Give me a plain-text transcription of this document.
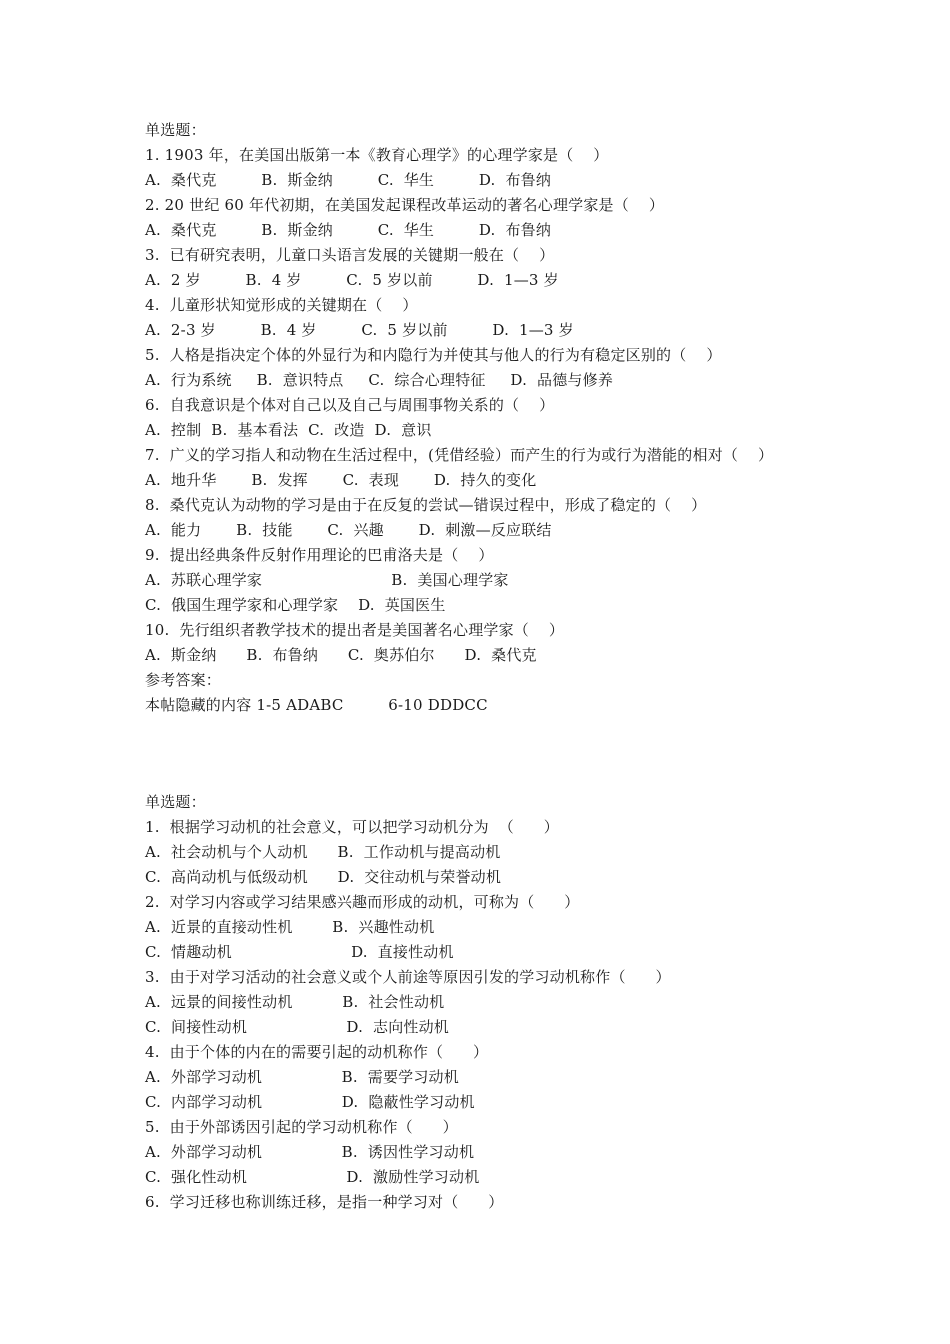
单选题：
1. 1903 年，在美国出版第一本《教育心理学》的心理学家是（    ）
A.  桑代克         B.  斯金纳         C.  华生         D.  布鲁纳
2. 20 世纪 60 年代初期，在美国发起课程改革运动的著名心理学家是（    ）
A.  桑代克         B.  斯金纳         C.  华生         D.  布鲁纳
3.  已有研究表明，儿童口头语言发展的关键期一般在（    ）
A.  2 岁         B.  4 岁         C.  5 岁以前         D.  1—3 岁
4.  儿童形状知觉形成的关键期在（    ）
A.  2-3 岁         B.  4 岁         C.  5 岁以前         D.  1—3 岁
5.  人格是指决定个体的外显行为和内隐行为并使其与他人的行为有稳定区别的（    ）
A.  行为系统     B.  意识特点     C.  综合心理特征     D.  品德与修养
6.  自我意识是个体对自己以及自己与周围事物关系的（    ）
A.  控制  B.  基本看法  C.  改造  D.  意识
7.  广义的学习指人和动物在生活过程中，(凭借经验）而产生的行为或行为潜能的相对（    ）
A.  地升华       B.  发挥       C.  表现       D.  持久的变化
8.  桑代克认为动物的学习是由于在反复的尝试—错误过程中，形成了稳定的（    ）
A.  能力       B.  技能       C.  兴趣       D.  刺激—反应联结
9.  提出经典条件反射作用理论的巴甫洛夫是（    ）
A.  苏联心理学家                          B.  美国心理学家
C.  俄国生理学家和心理学家    D.  英国医生
10.  先行组织者教学技术的提出者是美国著名心理学家（    ）
A.  斯金纳      B.  布鲁纳      C.  奥苏伯尔      D.  桑代克
参考答案：
本帖隐藏的内容 1-5 ADABC         6-10 DDDCC
单选题：
1.  根据学习动机的社会意义，可以把学习动机分为  （      ）
A.  社会动机与个人动机      B.  工作动机与提高动机
C.  高尚动机与低级动机      D.  交往动机与荣誉动机
2.  对学习内容或学习结果感兴趣而形成的动机，可称为（      ）
A.  近景的直接动性机        B.  兴趣性动机
C.  情趣动机                        D.  直接性动机
3.  由于对学习活动的社会意义或个人前途等原因引发的学习动机称作（      ）
A.  远景的间接性动机          B.  社会性动机
C.  间接性动机                    D.  志向性动机
4.  由于个体的内在的需要引起的动机称作（      ）
A.  外部学习动机                B.  需要学习动机
C.  内部学习动机                D.  隐蔽性学习动机
5.  由于外部诱因引起的学习动机称作（      ）
A.  外部学习动机                B.  诱因性学习动机
C.  强化性动机                    D.  激励性学习动机
6.  学习迁移也称训练迁移，是指一种学习对（      ）
